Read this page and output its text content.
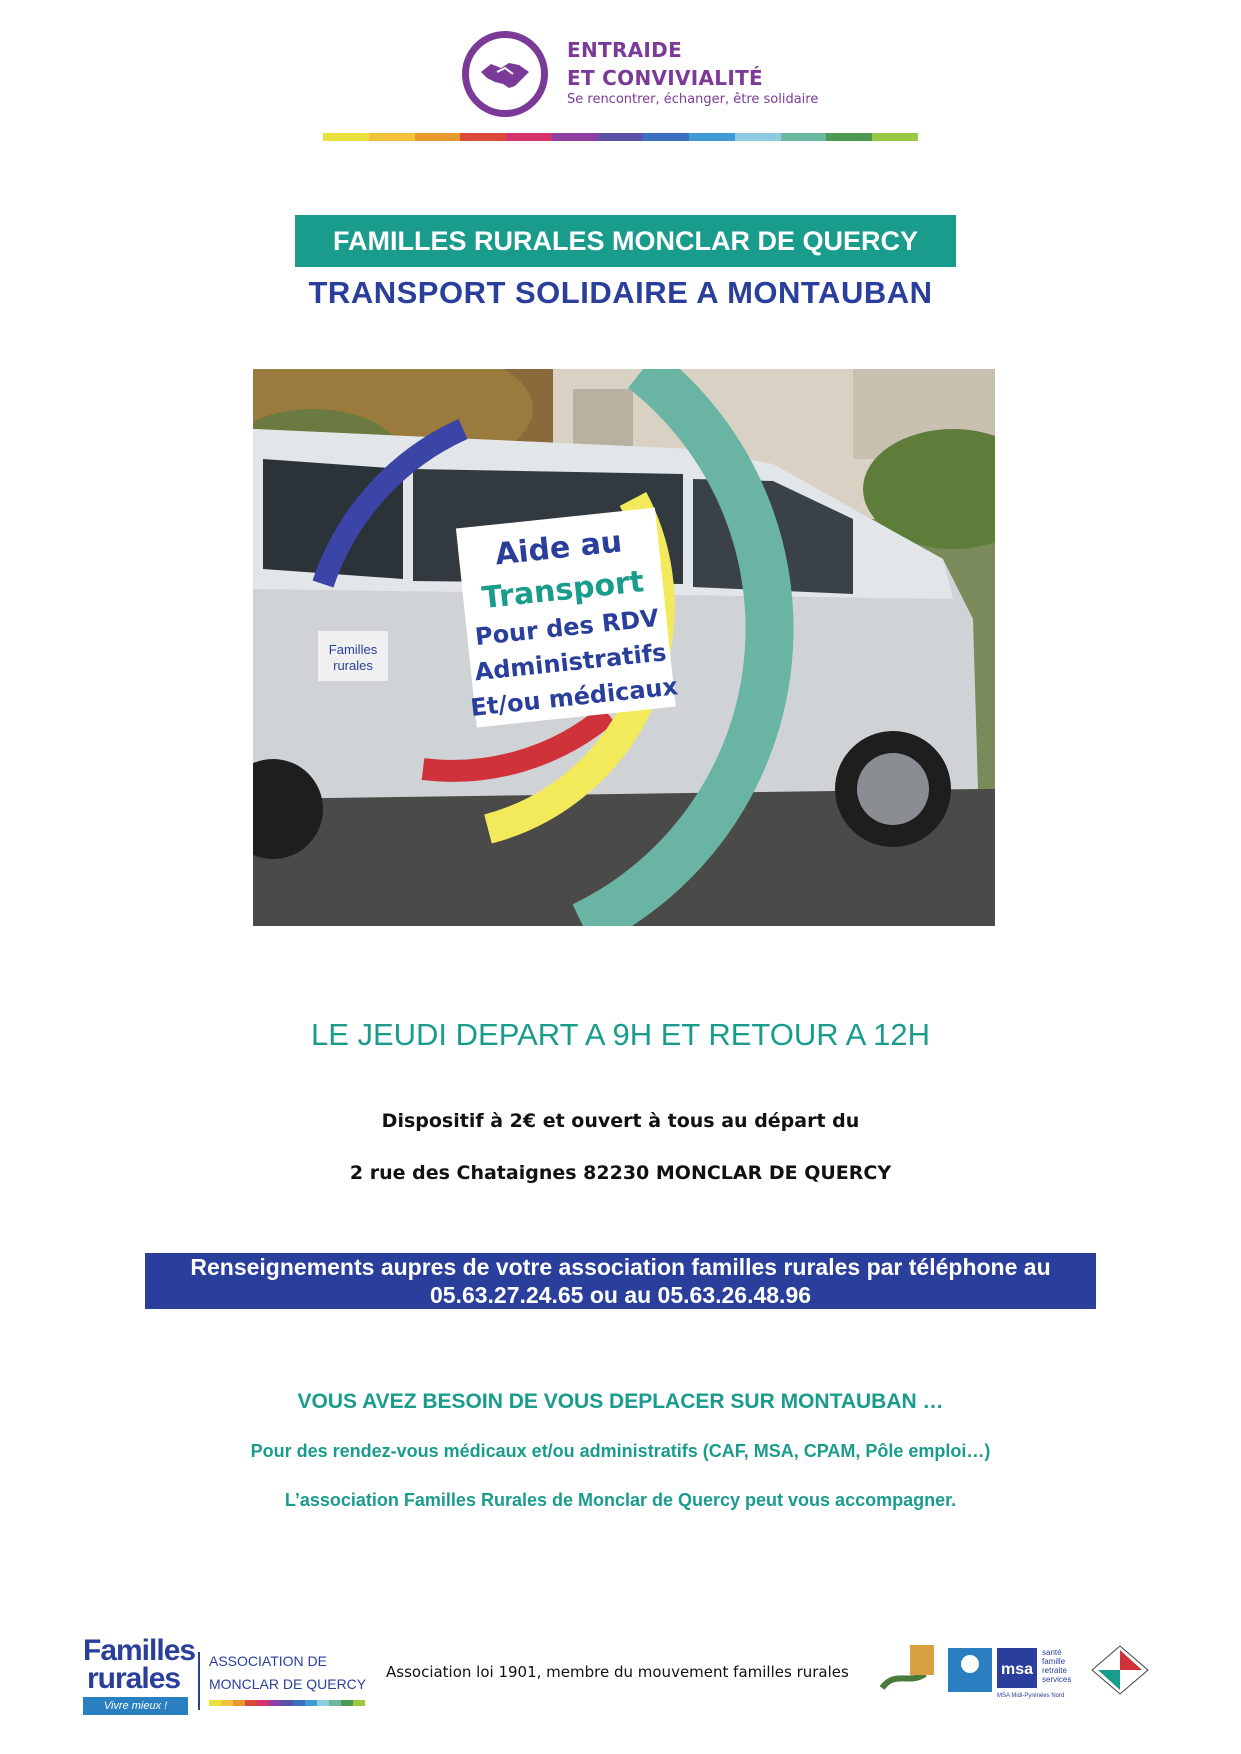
ENTRAIDE
ET CONVIVIALITÉ
Se rencontrer, échanger, être solidaire
FAMILLES RURALES MONCLAR DE QUERCY
TRANSPORT SOLIDAIRE A MONTAUBAN
Familles
rurales
Aide au
Transport
Pour des RDV
Administratifs
Et/ou médicaux
LE JEUDI DEPART A 9H ET RETOUR A 12H
Dispositif à 2€ et ouvert à tous au départ du
2 rue des Chataignes 82230 MONCLAR DE QUERCY
Renseignements aupres de votre association familles rurales par téléphone au
05.63.27.24.65 ou au 05.63.26.48.96
VOUS AVEZ BESOIN DE VOUS DEPLACER SUR MONTAUBAN …
Pour des rendez-vous médicaux et/ou administratifs (CAF, MSA, CPAM, Pôle emploi…)
L’association Familles Rurales de Monclar de Quercy peut vous accompagner.
Familles
rurales
Vivre mieux !
ASSOCIATION DE
MONCLAR DE QUERCY
Association loi 1901, membre du mouvement familles rurales	msa
santé
famille
retraite
services
MSA Midi-Pyrénées Nord
